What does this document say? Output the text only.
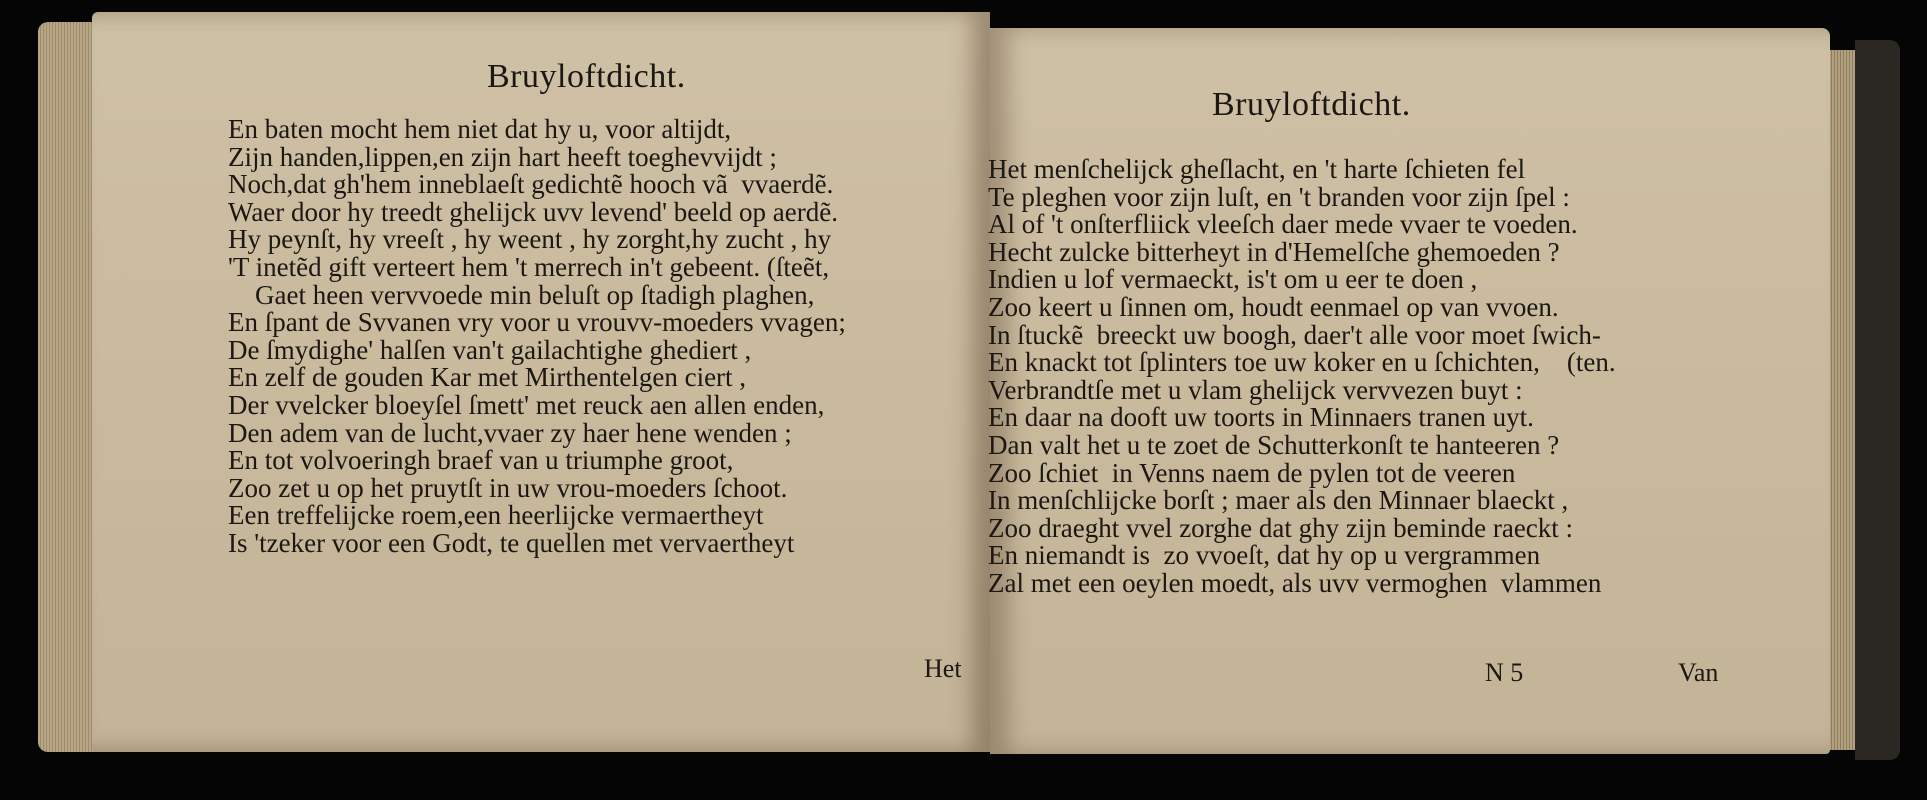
Bruyloftdicht.
En baten mocht hem niet dat hy u, voor altijdt,
Zijn handen,lippen,en zijn hart heeft toeghevvijdt ;
Noch,dat gh'hem inneblaeſt gedichtẽ hooch vã  vvaerdẽ.
Waer door hy treedt ghelijck uvv levend' beeld op aerdẽ.
Hy peynſt, hy vreeſt , hy weent , hy zorght,hy zucht , hy
'T inetẽd gift verteert hem 't merrech in't gebeent. (ſteẽt,
Gaet heen vervvoede min beluſt op ſtadigh plaghen,
En ſpant de Svvanen vry voor u vrouvv-moeders vvagen;
De ſmydighe' halſen van't gailachtighe ghediert ,
En zelf de gouden Kar met Mirthentelgen ciert ,
Der vvelcker bloeyſel ſmett' met reuck aen allen enden,
Den adem van de lucht,vvaer zy haer hene wenden ;
En tot volvoeringh braef van u triumphe groot,
Zoo zet u op het pruytſt in uw vrou-moeders ſchoot.
Een treffelijcke roem,een heerlijcke vermaertheyt
Is 'tzeker voor een Godt, te quellen met vervaertheyt
Het
Bruyloftdicht.
Het menſchelijck gheſlacht, en 't harte ſchieten fel
Te pleghen voor zijn luſt, en 't branden voor zijn ſpel :
Al of 't onſterfliick vleeſch daer mede vvaer te voeden.
Hecht zulcke bitterheyt in d'Hemelſche ghemoeden ?
Indien u lof vermaeckt, is't om u eer te doen ,
Zoo keert u ſinnen om, houdt eenmael op van vvoen.
In ſtuckẽ  breeckt uw boogh, daer't alle voor moet ſwich-
En knackt tot ſplinters toe uw koker en u ſchichten,    (ten.
Verbrandtſe met u vlam ghelijck vervvezen buyt :
En daar na dooft uw toorts in Minnaers tranen uyt.
Dan valt het u te zoet de Schutterkonſt te hanteeren ?
Zoo ſchiet  in Venns naem de pylen tot de veeren
In menſchlijcke borſt ; maer als den Minnaer blaeckt ,
Zoo draeght vvel zorghe dat ghy zijn beminde raeckt :
En niemandt is  zo vvoeſt, dat hy op u vergrammen
Zal met een oeylen moedt, als uvv vermoghen  vlammen
N 5	Van
